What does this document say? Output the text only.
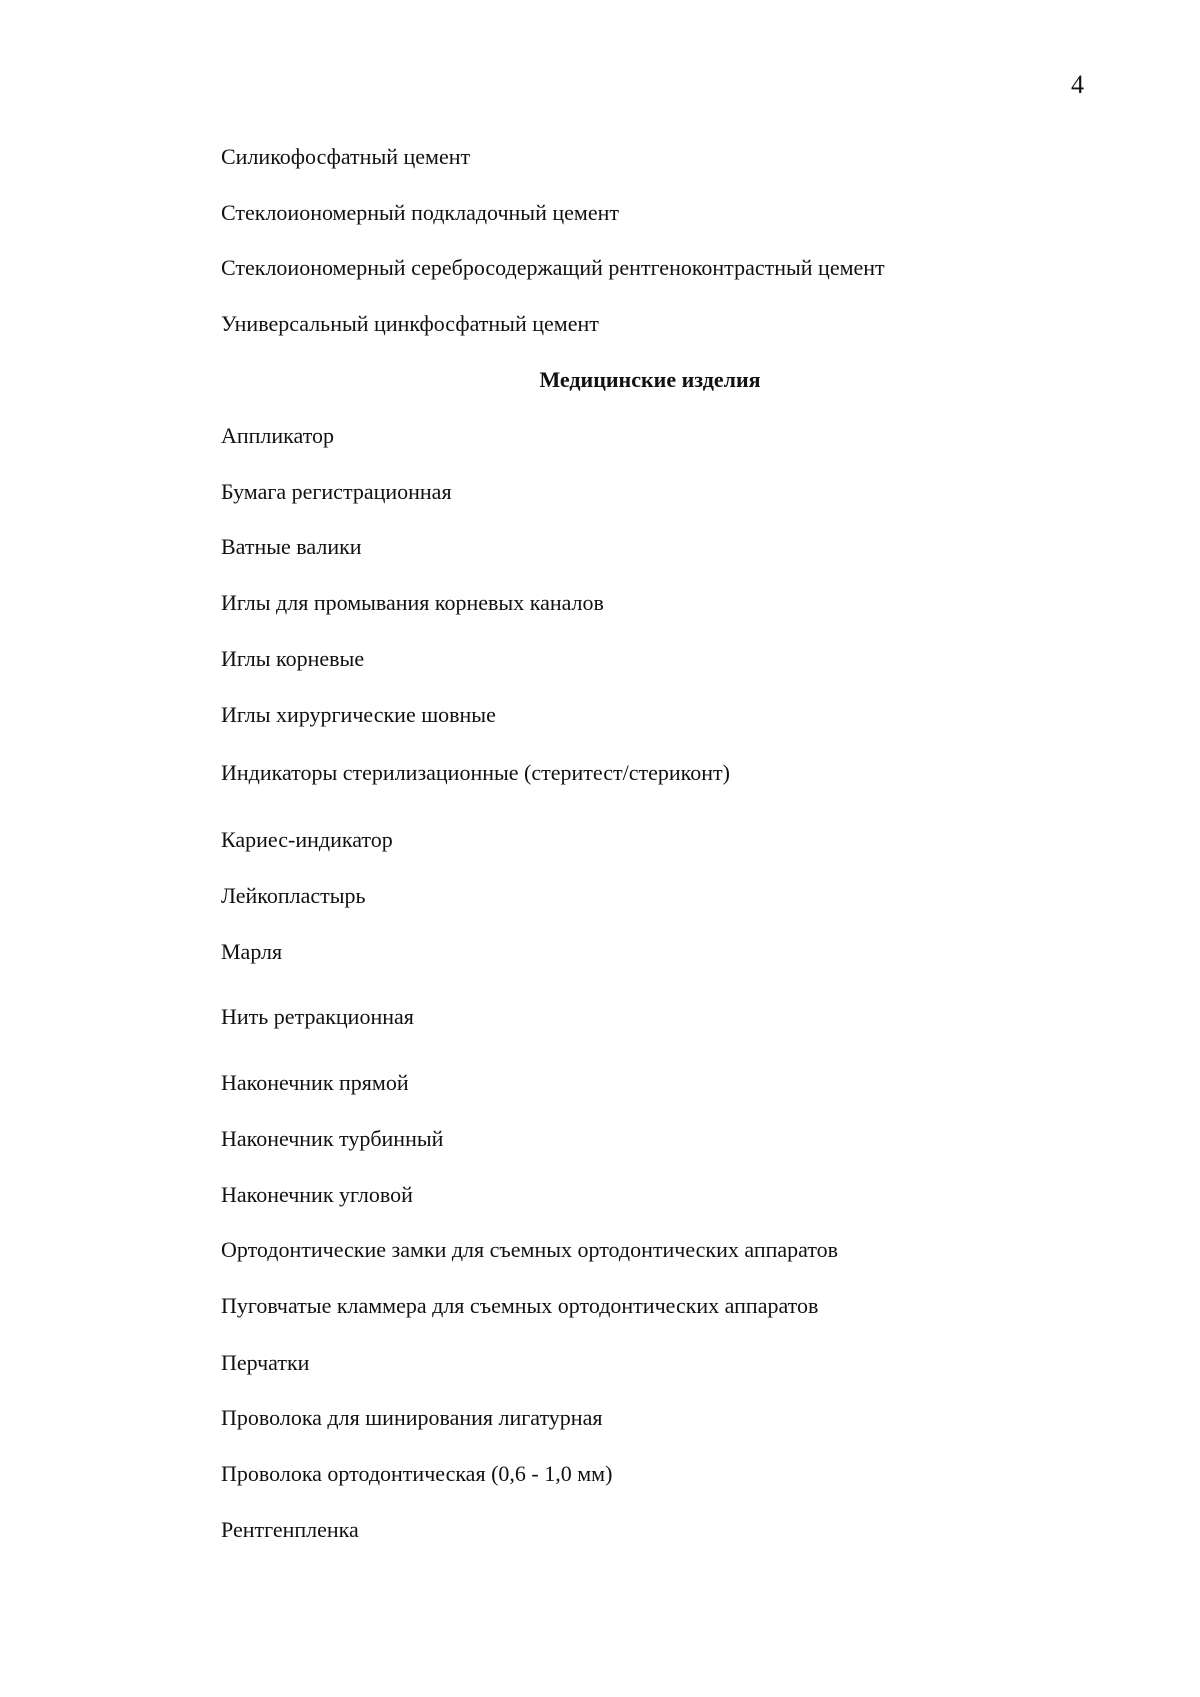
4
Силикофосфатный цемент
Стеклоиономерный подкладочный цемент
Стеклоиономерный серебросодержащий рентгеноконтрастный цемент
Универсальный цинкфосфатный цемент
Медицинские изделия
Аппликатор
Бумага регистрационная
Ватные валики
Иглы для промывания корневых каналов
Иглы корневые
Иглы хирургические шовные
Индикаторы стерилизационные (стеритест/стериконт)
Кариес-индикатор
Лейкопластырь
Марля
Нить ретракционная
Наконечник прямой
Наконечник турбинный
Наконечник угловой
Ортодонтические замки для съемных ортодонтических аппаратов
Пуговчатые кламмера для съемных ортодонтических аппаратов
Перчатки
Проволока для шинирования лигатурная
Проволока ортодонтическая (0,6 - 1,0 мм)
Рентгенпленка
